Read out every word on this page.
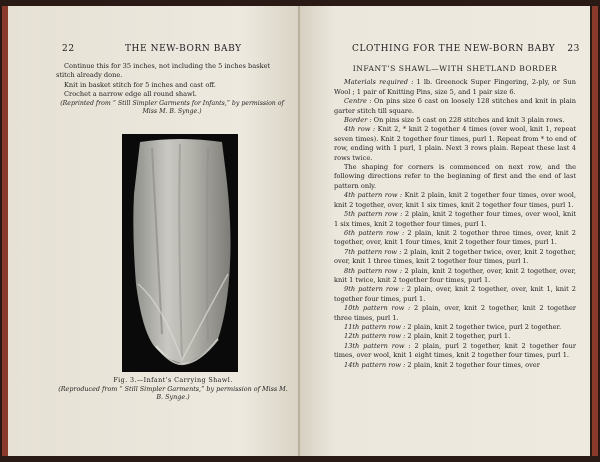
22	THE NEW-BORN BABY

Continue this for 35 inches, not including the 5 inches basket stitch already done.

Knit in basket stitch for 5 inches and cast off.

Crochet a narrow edge all round shawl.

(Reprinted from “ Still Simpler Garments for Infants,” by permission of Miss M. B. Synge.)

Fig. 3.—Infant’s Carrying Shawl.
(Reproduced from “ Still Simpler Garments,” by permission of Miss M. B. Synge.)
CLOTHING FOR THE NEW-BORN BABY 23
INFANT’S SHAWL—WITH SHETLAND BORDER

Materials required : 1 lb. Greenock Super Fingering, 2-ply, or Sun Wool ; 1 pair of Knitting Pins, size 5, and 1 pair size 6.

Centre : On pins size 6 cast on loosely 128 stitches and knit in plain garter stitch till square.

Border : On pins size 5 cast on 228 stitches and knit 3 plain rows.

4th row : Knit 2, * knit 2 together 4 times (over wool, knit 1, repeat seven times). Knit 2 together four times, purl 1. Repeat from * to end of row, ending with 1 purl, 1 plain. Next 3 rows plain. Repeat these last 4 rows twice.

The shaping for corners is commenced on next row, and the following directions refer to the beginning of first and the end of last pattern only.

4th pattern row : Knit 2 plain, knit 2 together four times, over wool, knit 2 together, over, knit 1 six times, knit 2 together four times, purl 1.

5th pattern row : 2 plain, knit 2 together four times, over wool, knit 1 six times, knit 2 together four times, purl 1.

6th pattern row : 2 plain, knit 2 together three times, over, knit 2 together, over, knit 1 four times, knit 2 together four times, purl 1.

7th pattern row : 2 plain, knit 2 together twice, over, knit 2 together, over, knit 1 three times, knit 2 together four times, purl 1.

8th pattern row : 2 plain, knit 2 together, over, knit 2 together, over, knit 1 twice, knit 2 together four times, purl 1.

9th pattern row : 2 plain, over, knit 2 together, over, knit 1, knit 2 together four times, purl 1.

10th pattern row : 2 plain, over, knit 2 together, knit 2 together three times, purl 1.

11th pattern row : 2 plain, knit 2 together twice, purl 2 together.

12th pattern row : 2 plain, knit 2 together, purl 1.

13th pattern row : 2 plain, purl 2 together, knit 2 together four times, over wool, knit 1 eight times, knit 2 together four times, purl 1.

14th pattern row : 2 plain, knit 2 together four times, over
